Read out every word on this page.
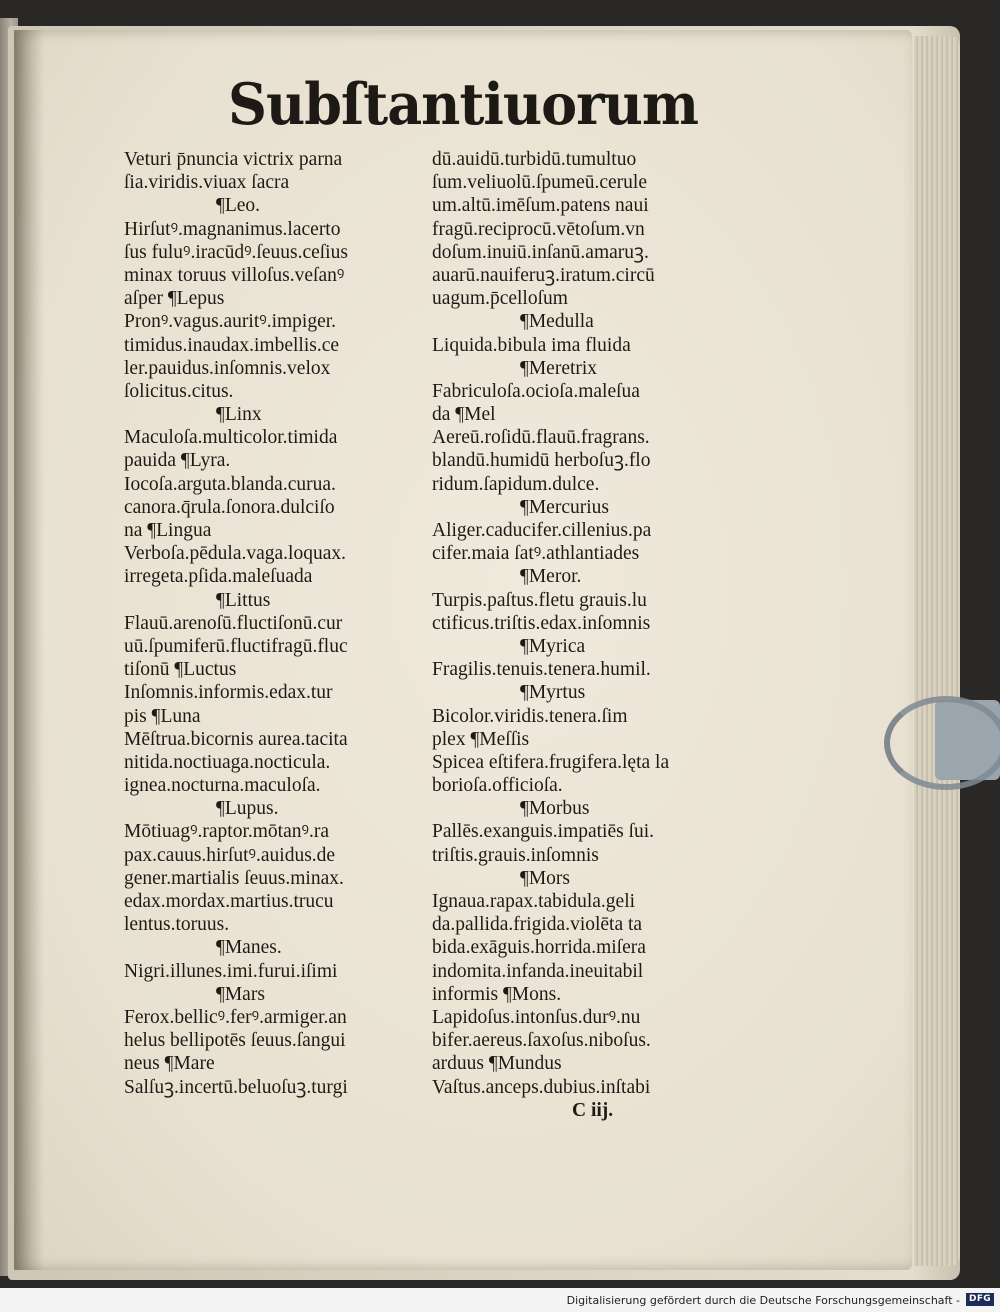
Subſtantiuorum
Veturi p̄nuncia victrix parna
ſia.viridis.viuax ſacra
¶Leo.
Hirſutꝰ.magnanimus.lacerto
ſus fuluꝰ.iracūdꝰ.ſeuus.ceſius
minax toruus villoſus.veſanꝰ
aſper ¶Lepus
Pronꝰ.vagus.auritꝰ.impiger.
timidus.inaudax.imbellis.ce
ler.pauidus.inſomnis.velox
ſolicitus.citus.
¶Linx
Maculoſa.multicolor.timida
pauida ¶Lyra.
Iocoſa.arguta.blanda.curua.
canora.q̄rula.ſonora.dulciſo
na ¶Lingua
Verboſa.pēdula.vaga.loquax.
irregeta.pſida.maleſuada
¶Littus
Flauū.arenoſū.fluctiſonū.cur
uū.ſpumiferū.fluctifragū.fluc
tiſonū ¶Luctus
Inſomnis.informis.edax.tur
pis ¶Luna
Mēſtrua.bicornis aurea.tacita
nitida.noctiuaga.nocticula.
ignea.nocturna.maculoſa.
¶Lupus.
Mōtiuagꝰ.raptor.mōtanꝰ.ra
pax.cauus.hirſutꝰ.auidus.de
gener.martialis ſeuus.minax.
edax.mordax.martius.trucu
lentus.toruus.
¶Manes.
Nigri.illunes.imi.furui.iſimi
¶Mars
Ferox.bellicꝰ.ferꝰ.armiger.an
helus bellipotēs ſeuus.ſangui
neus ¶Mare
Salſuꝫ.incertū.beluoſuꝫ.turgi
dū.auidū.turbidū.tumultuo
ſum.veliuolū.ſpumeū.cerule
um.altū.imēſum.patens naui
fragū.reciprocū.vētoſum.vn
doſum.inuiū.inſanū.amaruꝫ.
auarū.nauiferuꝫ.iratum.circū
uagum.p̄celloſum
¶Medulla
Liquida.bibula ima fluida
¶Meretrix
Fabriculoſa.ocioſa.maleſua
da ¶Mel
Aereū.roſidū.flauū.fragrans.
blandū.humidū herboſuꝫ.flo
ridum.ſapidum.dulce.
¶Mercurius
Aliger.caducifer.cillenius.pa
cifer.maia ſatꝰ.athlantiades
¶Meror.
Turpis.paſtus.fletu grauis.lu
ctificus.triſtis.edax.inſomnis
¶Myrica
Fragilis.tenuis.tenera.humil.
¶Myrtus
Bicolor.viridis.tenera.ſim
plex ¶Meſſis
Spicea eſtifera.frugifera.lęta la
borioſa.officioſa.
¶Morbus
Pallēs.exanguis.impatiēs ſui.
triſtis.grauis.inſomnis
¶Mors
Ignaua.rapax.tabidula.geli
da.pallida.frigida.violēta ta
bida.exāguis.horrida.miſera
indomita.infanda.ineuitabil
informis ¶Mons.
Lapidoſus.intonſus.durꝰ.nu
bifer.aereus.ſaxoſus.niboſus.
arduus ¶Mundus
Vaſtus.anceps.dubius.inſtabi
C iij.
Digitalisierung gefördert durch die Deutsche Forschungsgemeinschaft -	DFG
